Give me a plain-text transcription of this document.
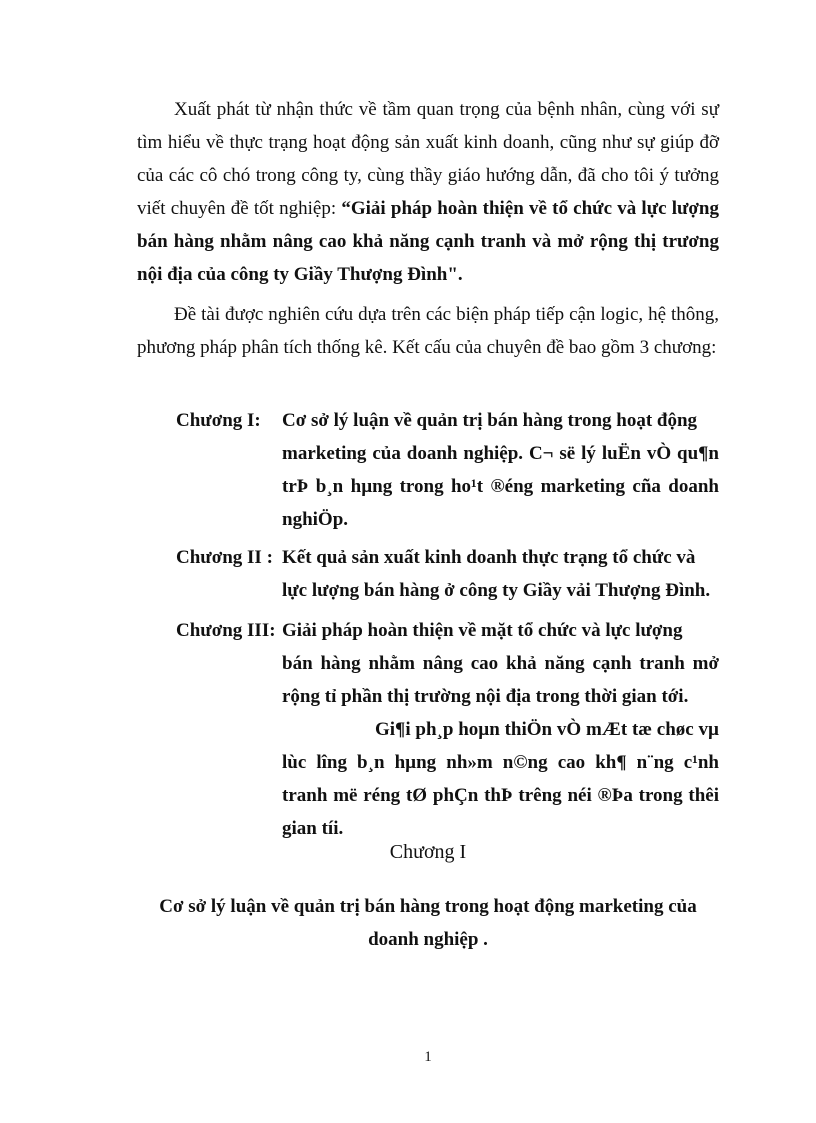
Xuất phát từ nhận thức về tầm quan trọng của bệnh nhân, cùng với sự tìm hiểu về thực trạng hoạt động sản xuất kinh doanh, cũng như sự giúp đỡ của các cô chó trong công ty, cùng thầy giáo hướng dẫn, đã cho tôi ý tưởng viết chuyên đề tốt nghiệp: “Giải pháp hoàn thiện về tổ chức và lực lượng bán hàng nhằm nâng cao khả năng cạnh tranh và mở rộng thị trương nội địa của công ty Giầy Thượng Đình".

Đề tài được nghiên cứu dựa trên các biện pháp tiếp cận logic, hệ thông, phương pháp phân tích thống kê. Kết cấu của chuyên đề bao gồm 3 chương:

Chương I: Cơ sở lý luận về quản trị bán hàng trong hoạt động
marketing của doanh nghiệp. C¬ së lý luËn vÒ qu¶n trÞ b¸n hµng trong ho¹t ®éng marketing cña doanh nghiÖp.
Chương II : Kết quả sản xuất kinh doanh thực trạng tổ chức và
lực lượng bán hàng ở công ty Giầy vải Thượng Đình.
Chương III: Giải pháp hoàn thiện về mặt tổ chức và lực lượng
bán hàng nhằm nâng cao khả năng cạnh tranh mở rộng tỉ phần thị trường nội địa trong thời gian tới.
Gi¶i ph¸p hoµn thiÖn vÒ mÆt tæ chøc vµ lùc lîng b¸n hµng nh»m n©ng cao kh¶ n¨ng c¹nh tranh më réng tØ phÇn thÞ trêng néi ®Þa trong thêi gian tíi.

Chương I

Cơ sở lý luận về quản trị bán hàng trong hoạt động marketing của doanh nghiệp .

1
